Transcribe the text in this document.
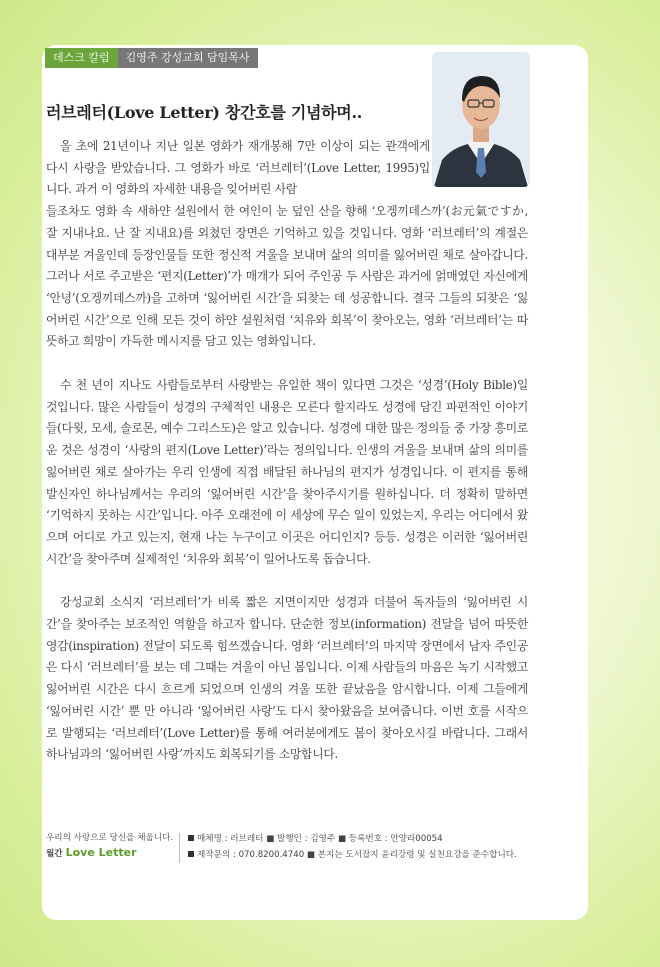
데스크 칼럼	김영주 강성교회 담임목사
러브레터(Love Letter) 창간호를 기념하며..

올 초에 21년이나 지난 일본 영화가 재개봉해 7만 이상이 되는 관객에게 다시 사랑을 받았습니다. 그 영화가 바로 ‘러브레터’(Love Letter, 1995)입니다. 과거 이 영화의 자세한 내용을 잊어버린 사람

들조차도 영화 속 새하얀 설원에서 한 여인이 눈 덮인 산을 향해 ‘오겡끼데스까’(お元氣ですか, 잘 지내나요. 난 잘 지내요)를 외쳤던 장면은 기억하고 있을 것입니다. 영화 ‘러브레터’의 계절은 대부분 겨울인데 등장인물들 또한 정신적 겨울을 보내며 삶의 의미를 잃어버린 채로 살아갑니다. 그러나 서로 주고받은 ‘편지(Letter)’가 매개가 되어 주인공 두 사람은 과거에 얽매였던 자신에게 ‘안녕’(오겡끼데스까)을 고하며 ‘잃어버린 시간’을 되찾는 데 성공합니다. 결국 그들의 되찾은 ‘잃어버린 시간’으로 인해 모든 것이 하얀 설원처럼 ‘치유와 회복’이 찾아오는, 영화 ‘러브레터’는 따뜻하고 희망이 가득한 메시지를 담고 있는 영화입니다.

수 천 년이 지나도 사람들로부터 사랑받는 유일한 책이 있다면 그것은 ‘성경’(Holy Bible)일 것입니다. 많은 사람들이 성경의 구체적인 내용은 모른다 할지라도 성경에 담긴 파편적인 이야기들(다윗, 모세, 솔로몬, 예수 그리스도)은 알고 있습니다. 성경에 대한 많은 정의들 중 가장 흥미로운 것은 성경이 ‘사랑의 편지(Love Letter)’라는 정의입니다. 인생의 겨울을 보내며 삶의 의미를 잃어버린 채로 살아가는 우리 인생에 직접 배달된 하나님의 편지가 성경입니다. 이 편지를 통해 발신자인 하나님께서는 우리의 ‘잃어버린 시간’을 찾아주시기를 원하십니다. 더 정확히 말하면 ‘기억하지 못하는 시간’입니다. 아주 오래전에 이 세상에 무슨 일이 있었는지, 우리는 어디에서 왔으며 어디로 가고 있는지, 현재 나는 누구이고 이곳은 어디인지? 등등. 성경은 이러한 ‘잃어버린 시간’을 찾아주며 실제적인 ‘치유와 회복’이 일어나도록 돕습니다.

강성교회 소식지 ‘러브레터’가 비록 짧은 지면이지만 성경과 더불어 독자들의 ‘잃어버린 시간’을 찾아주는 보조적인 역할을 하고자 합니다. 단순한 정보(information) 전달을 넘어 따뜻한 영감(inspiration) 전달이 되도록 힘쓰겠습니다. 영화 ‘러브레터’의 마지막 장면에서 남자 주인공은 다시 ‘러브레터’를 보는 데 그때는 겨울이 아닌 봄입니다. 이제 사람들의 마음은 녹기 시작했고 잃어버린 시간은 다시 흐르게 되었으며 인생의 겨울 또한 끝났음을 암시합니다. 이제 그들에게 ‘잃어버린 시간’ 뿐 만 아니라 ‘잃어버린 사랑’도 다시 찾아왔음을 보여줍니다. 이번 호를 시작으로 발행되는 ‘러브레터’(Love Letter)를 통해 여러분에게도 봄이 찾아오시길 바랍니다. 그래서 하나님과의 ‘잃어버린 사랑’까지도 회복되기를 소망합니다.

우리의 사랑으로 당신을 채웁니다.
월간 Love Letter
매체명 : 러브레터 ■ 발행인 : 김영주 ■ 등록번호 : 안양라00054
제작문의 : 070.8200.4740 ■ 본지는 도서잡지 윤리강령 및 실천요강을 준수합니다.
